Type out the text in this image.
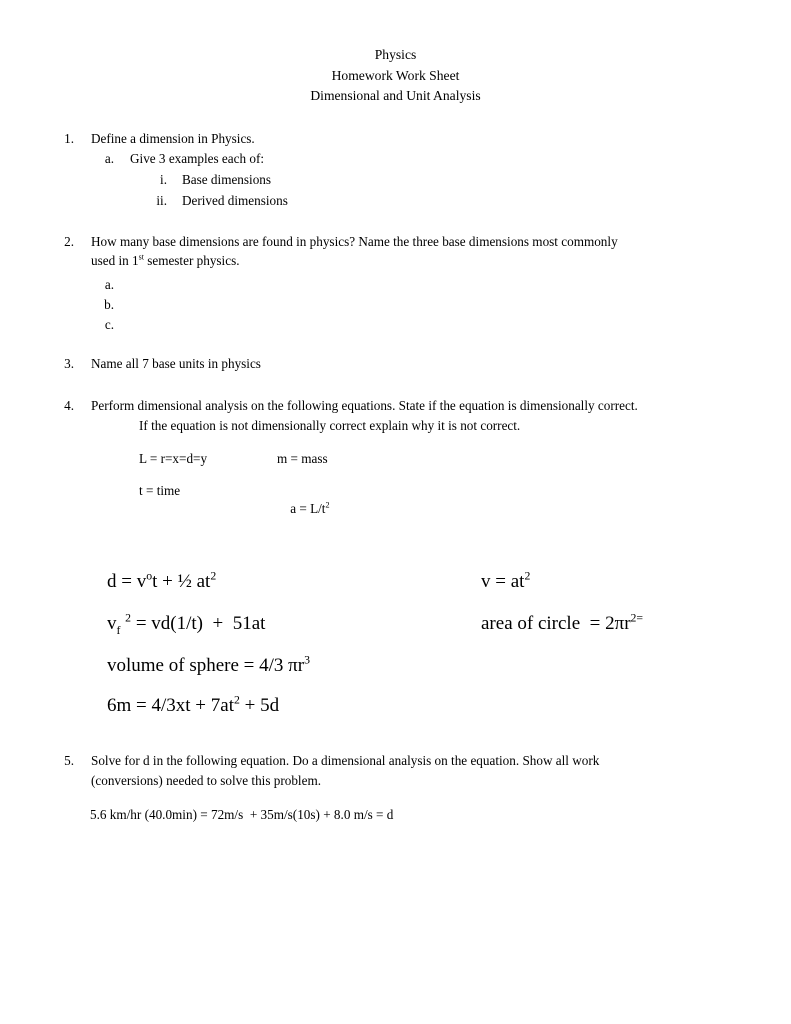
Physics
Homework Work Sheet
Dimensional and Unit Analysis
1. Define a dimension in Physics.
a. Give 3 examples each of:
i. Base dimensions
ii. Derived dimensions
2. How many base dimensions are found in physics? Name the three base dimensions most commonly
used in 1st semester physics.
a.
b.
c.
3. Name all 7 base units in physics
4. Perform dimensional analysis on the following equations. State if the equation is dimensionally correct.
If the equation is not dimensionally correct explain why it is not correct.
L = r=x=d=y	m = mass
t = time

$a = L/t^2$

$d = v^ot$ + ½ $at^2$

$v_f$ $^2$ = vd(1/t)  +  51at

volume of sphere = 4/3 $\pi r^3$

$6m = 4/3xt + 7at^2 + 5d$

$v = at^2$

area of circle  = $2\pi r^{2=}$

5. Solve for d in the following equation. Do a dimensional analysis on the equation. Show all work
(conversions) needed to solve this problem.
5.6 km/hr (40.0min) = 72m/s  + 35m/s(10s) + 8.0 m/s = d
